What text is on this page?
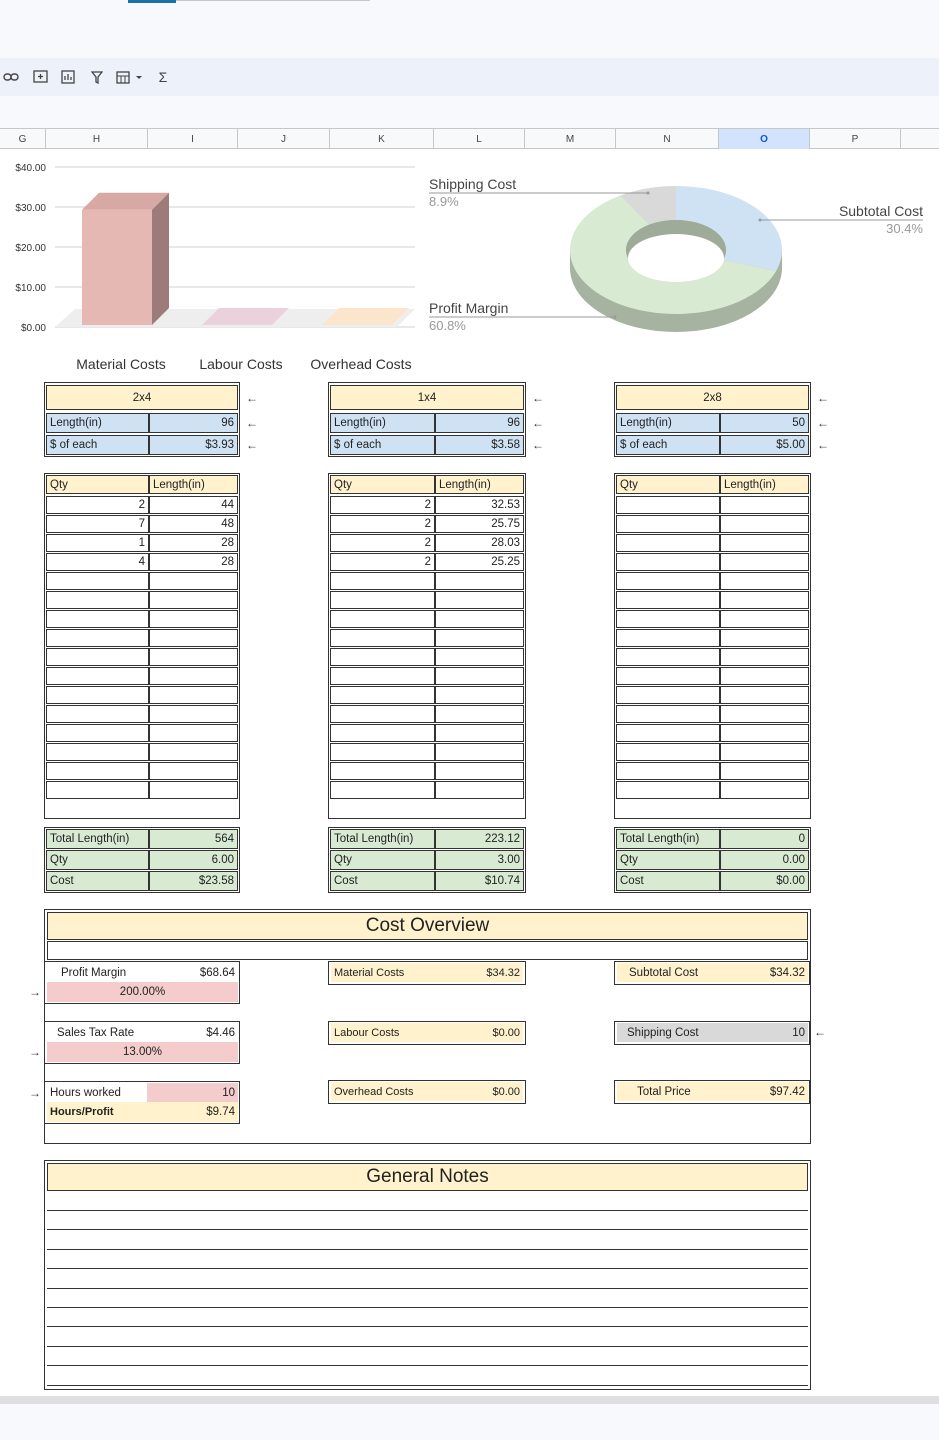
Σ
G	H	I	J	K	L	M	N	O	P
$0.00
$10.00
$20.00
$30.00
$40.00
Material Costs Labour Costs Overhead Costs
Subtotal Cost
30.4%
Profit Margin
60.8%
Shipping Cost
8.9%
Cost Overview
Profit Margin	$68.64
200.00%
→
Sales Tax Rate	$4.46
13.00%
→
Hours worked	10
Hours/Profit	$9.74
→
Material Costs	$34.32
Labour Costs	$0.00
Overhead Costs	$0.00
Subtotal Cost	$34.32
Shipping Cost	10 ←
Total Price	$97.42
General Notes
2x4
Length(in)	96
$ of each	$3.93
←
←
←
1x4
Length(in)	96
$ of each	$3.58
←
←
←
2x8
Length(in)	50
$ of each	$5.00
←
←
←
Qty	Length(in)
2	44
7	48
1	28
4	28
Qty	Length(in)
2	32.53
2	25.75
2	28.03
2	25.25
Qty	Length(in)
Total Length(in)	564
Qty	6.00
Cost	$23.58
Total Length(in)	223.12
Qty	3.00
Cost	$10.74
Total Length(in)	0
Qty	0.00
Cost	$0.00
